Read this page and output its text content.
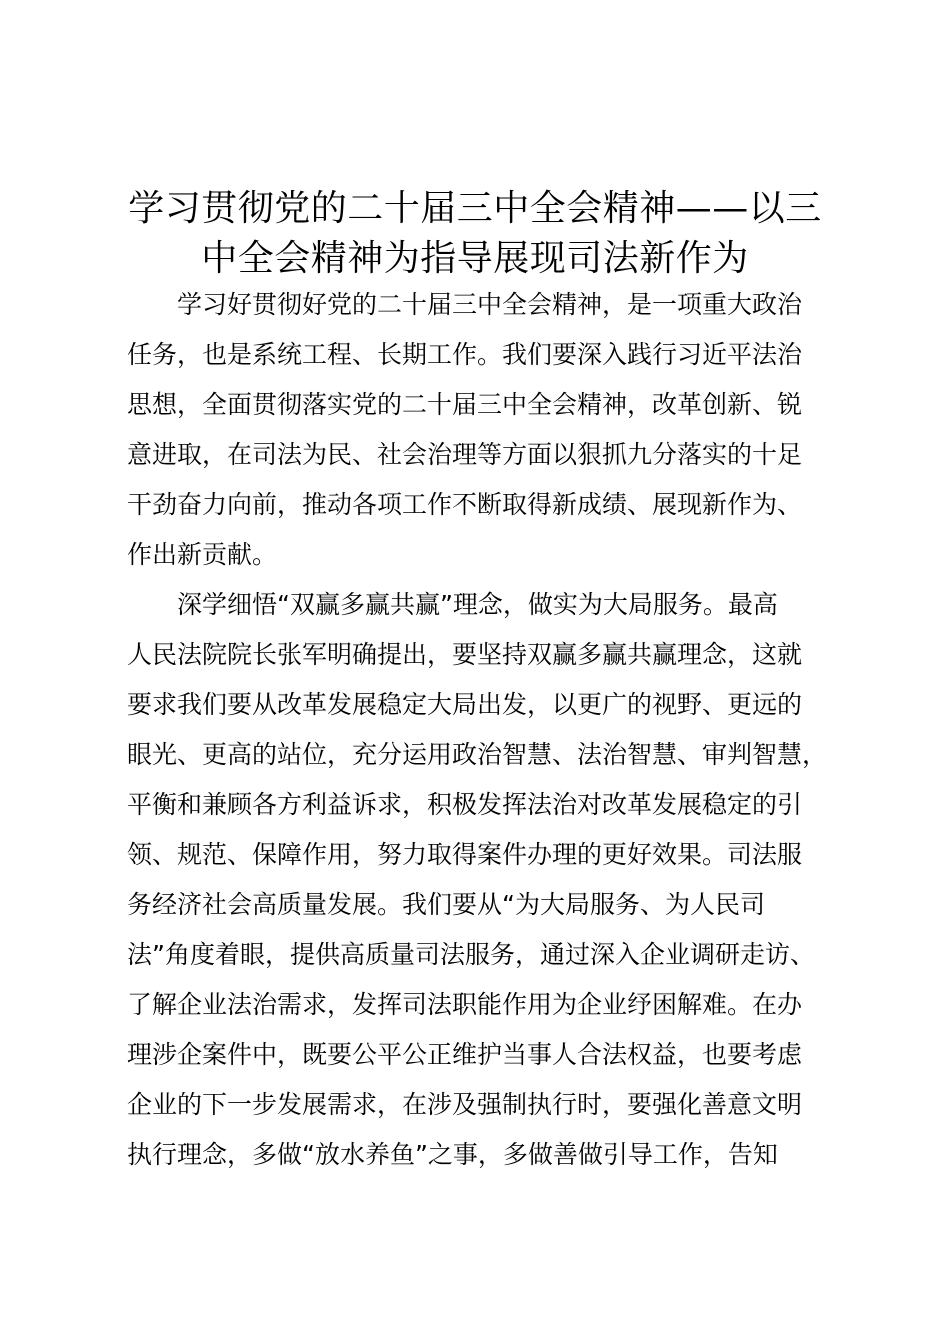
学习贯彻党的二十届三中全会精神——以三
中全会精神为指导展现司法新作为

学习好贯彻好党的二十届三中全会精神，是一项重大政治
任务，也是系统工程、长期工作。我们要深入践行习近平法治
思想，全面贯彻落实党的二十届三中全会精神，改革创新、锐
意进取，在司法为民、社会治理等方面以狠抓九分落实的十足
干劲奋力向前，推动各项工作不断取得新成绩、展现新作为、
作出新贡献。

深学细悟“双赢多赢共赢”理念，做实为大局服务。最高
人民法院院长张军明确提出，要坚持双赢多赢共赢理念，这就
要求我们要从改革发展稳定大局出发，以更广的视野、更远的
眼光、更高的站位，充分运用政治智慧、法治智慧、审判智慧，
平衡和兼顾各方利益诉求，积极发挥法治对改革发展稳定的引
领、规范、保障作用，努力取得案件办理的更好效果。司法服
务经济社会高质量发展。我们要从“为大局服务、为人民司
法”角度着眼，提供高质量司法服务，通过深入企业调研走访、
了解企业法治需求，发挥司法职能作用为企业纾困解难。在办
理涉企案件中，既要公平公正维护当事人合法权益，也要考虑
企业的下一步发展需求，在涉及强制执行时，要强化善意文明
执行理念，多做“放水养鱼”之事，多做善做引导工作，告知
